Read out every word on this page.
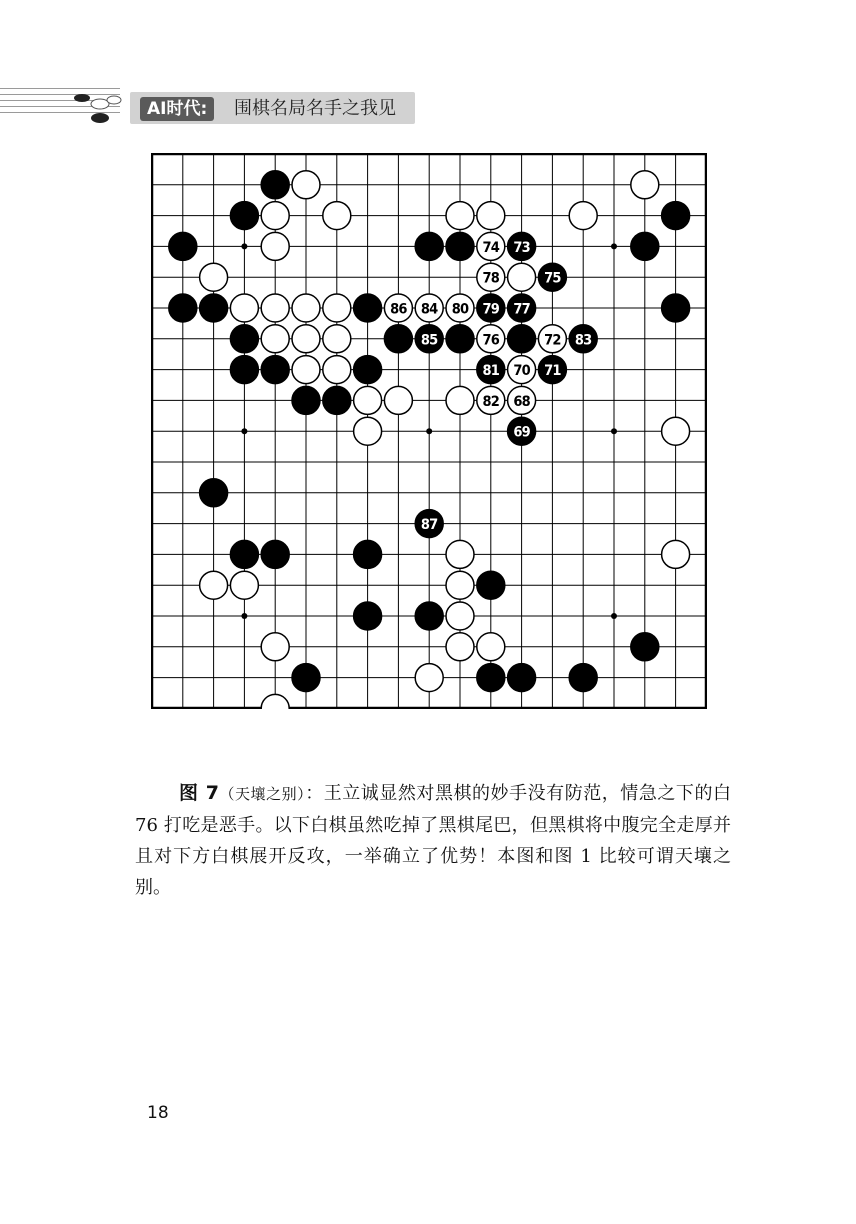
AI时代:	围棋名局名手之我见
68
69
70 71
72
73
74
75
76
77
78
79
80
81
82
83
84
85
86
87
图 7（天壤之别）：王立诚显然对黑棋的妙手没有防范，情急之下的白 76 打吃是恶手。以下白棋虽然吃掉了黑棋尾巴，但黑棋将中腹完全走厚并且对下方白棋展开反攻，一举确立了优势！本图和图 1 比较可谓天壤之别。
18
